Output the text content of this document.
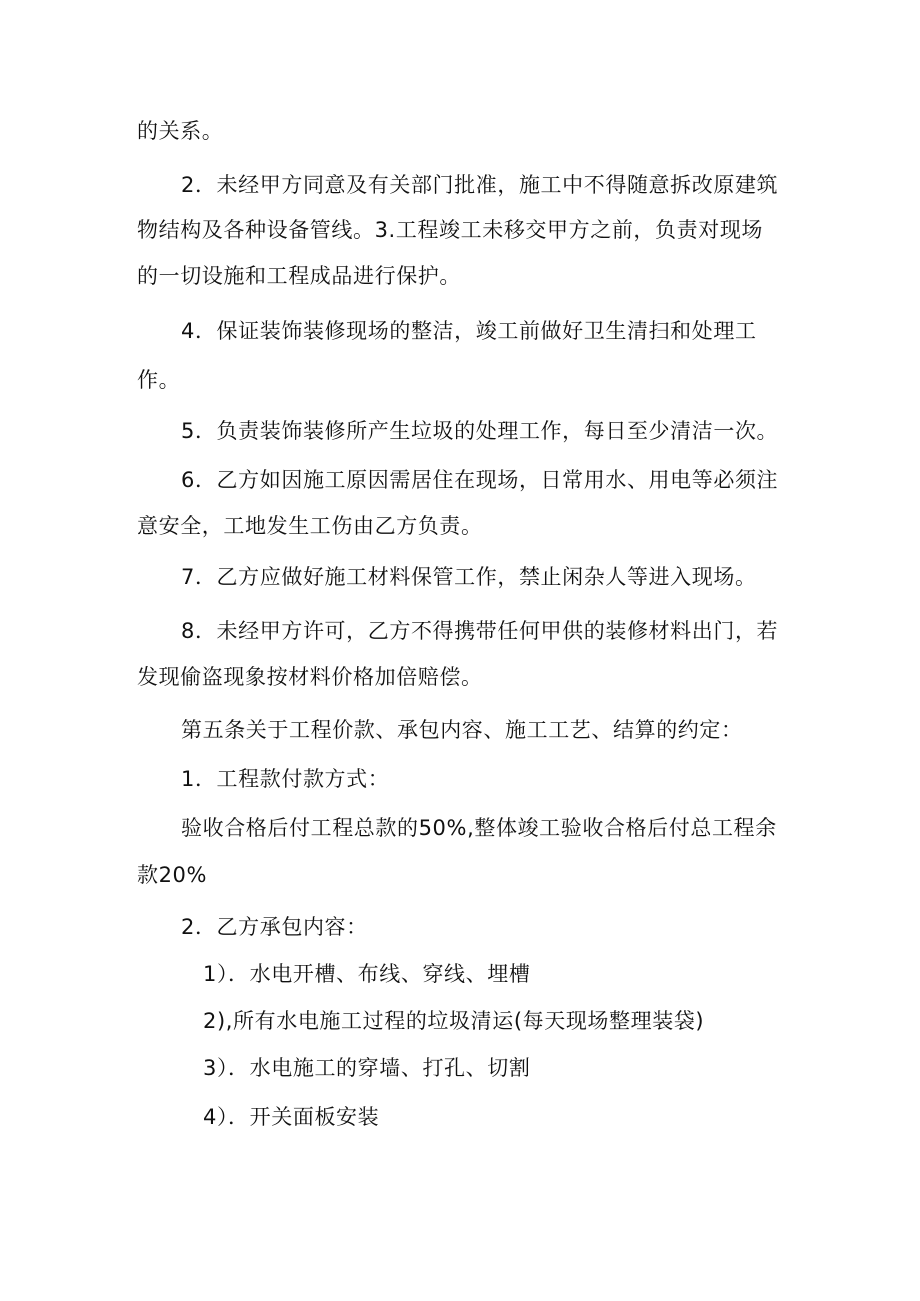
的关系。
2．未经甲方同意及有关部门批准，施工中不得随意拆改原建筑
物结构及各种设备管线。3.工程竣工未移交甲方之前，负责对现场
的一切设施和工程成品进行保护。
4．保证装饰装修现场的整洁，竣工前做好卫生清扫和处理工
作。
5．负责装饰装修所产生垃圾的处理工作，每日至少清洁一次。
6．乙方如因施工原因需居住在现场，日常用水、用电等必须注
意安全，工地发生工伤由乙方负责。
7．乙方应做好施工材料保管工作，禁止闲杂人等进入现场。
8．未经甲方许可，乙方不得携带任何甲供的装修材料出门，若
发现偷盗现象按材料价格加倍赔偿。
第五条关于工程价款、承包内容、施工工艺、结算的约定：
1．工程款付款方式：
验收合格后付工程总款的50%,整体竣工验收合格后付总工程余
款20%
2．乙方承包内容：
1）．水电开槽、布线、穿线、埋槽
2),所有水电施工过程的垃圾清运(每天现场整理装袋)
3）．水电施工的穿墙、打孔、切割
4）．开关面板安装
